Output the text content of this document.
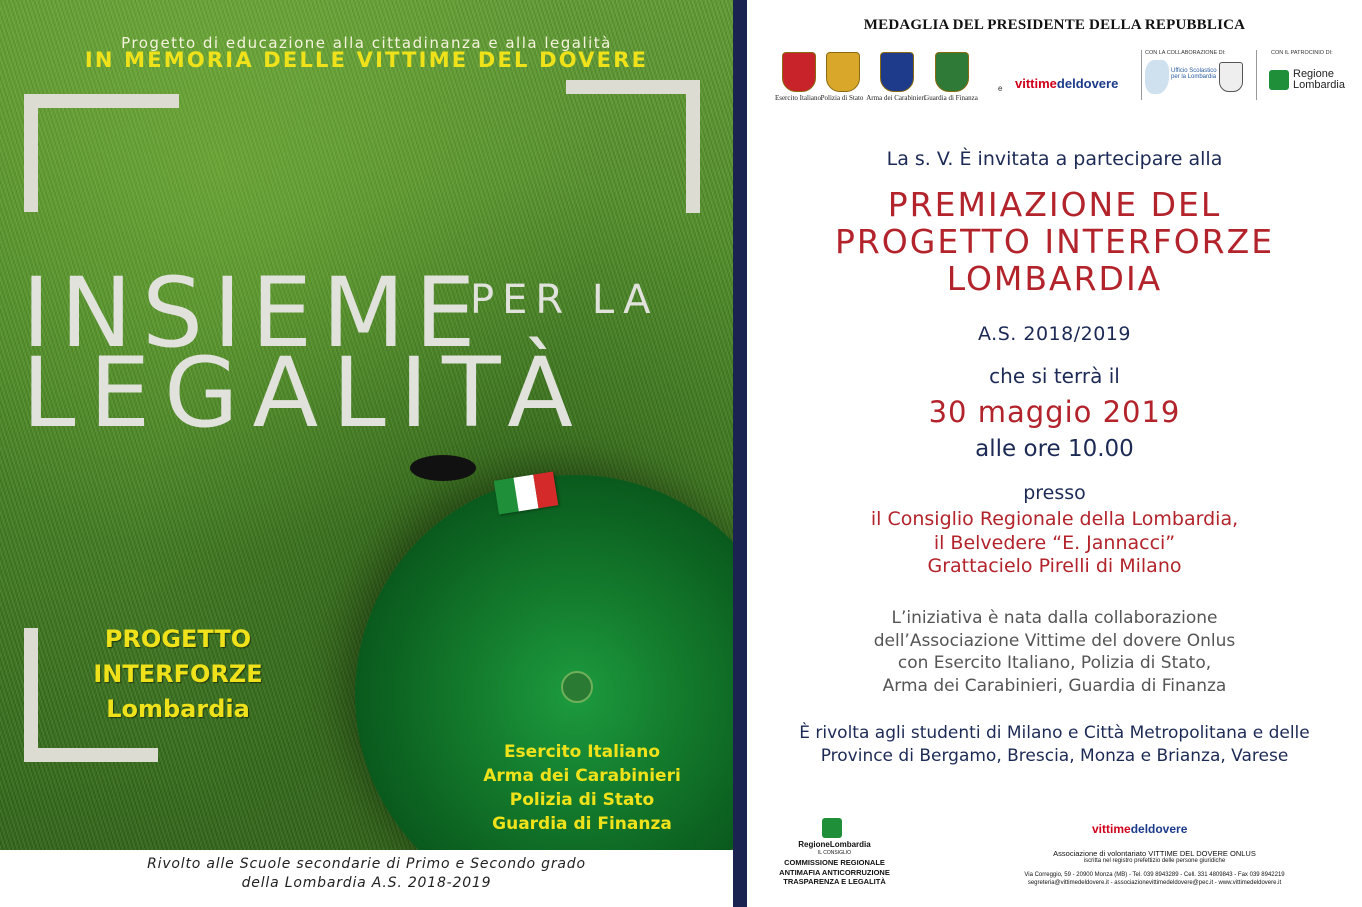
Progetto di educazione alla cittadinanza e alla legalità
IN MEMORIA DELLE VITTIME DEL DOVERE
INSIEME
PER LA
LEGALITÀ
PROGETTO
INTERFORZE
Lombardia
Esercito Italiano
Arma dei Carabinieri
Polizia di Stato
Guardia di Finanza
Rivolto alle Scuole secondarie di Primo e Secondo grado
della Lombardia A.S. 2018-2019
MEDAGLIA DEL PRESIDENTE DELLA REPUBBLICA
Esercito Italiano Polizia di Stato Arma dei Carabinieri
Guardia di Finanza
e vittimedeldovere
CON LA COLLABORAZIONE DI:
Ufficio Scolastico per la Lombardia
CON IL PATROCINIO DI:
Regione
Lombardia
La s. V. È invitata a partecipare alla
PREMIAZIONE DEL
PROGETTO INTERFORZE
LOMBARDIA
A.S. 2018/2019
che si terrà il
30 maggio 2019
alle ore 10.00
presso
il Consiglio Regionale della Lombardia,
il Belvedere “E. Jannacci”
Grattacielo Pirelli di Milano
L’iniziativa è nata dalla collaborazione
dell’Associazione Vittime del dovere Onlus
con Esercito Italiano, Polizia di Stato,
Arma dei Carabinieri, Guardia di Finanza
È rivolta agli studenti di Milano e Città Metropolitana e delle
Province di Bergamo, Brescia, Monza e Brianza, Varese
RegioneLombardia
IL CONSIGLIO
COMMISSIONE REGIONALE
ANTIMAFIA ANTICORRUZIONE
TRASPARENZA E LEGALITÀ
vittimedeldovere
Associazione di volontariato VITTIME DEL DOVERE ONLUS
iscritta nel registro prefettizio delle persone giuridiche
Via Correggio, 59 - 20900 Monza (MB) - Tel. 039 8943289 - Cell. 331 4809843 - Fax 039 8942219
segreteria@vittimedeldovere.it - associazionevittimedeldovere@pec.it - www.vittimedeldovere.it
